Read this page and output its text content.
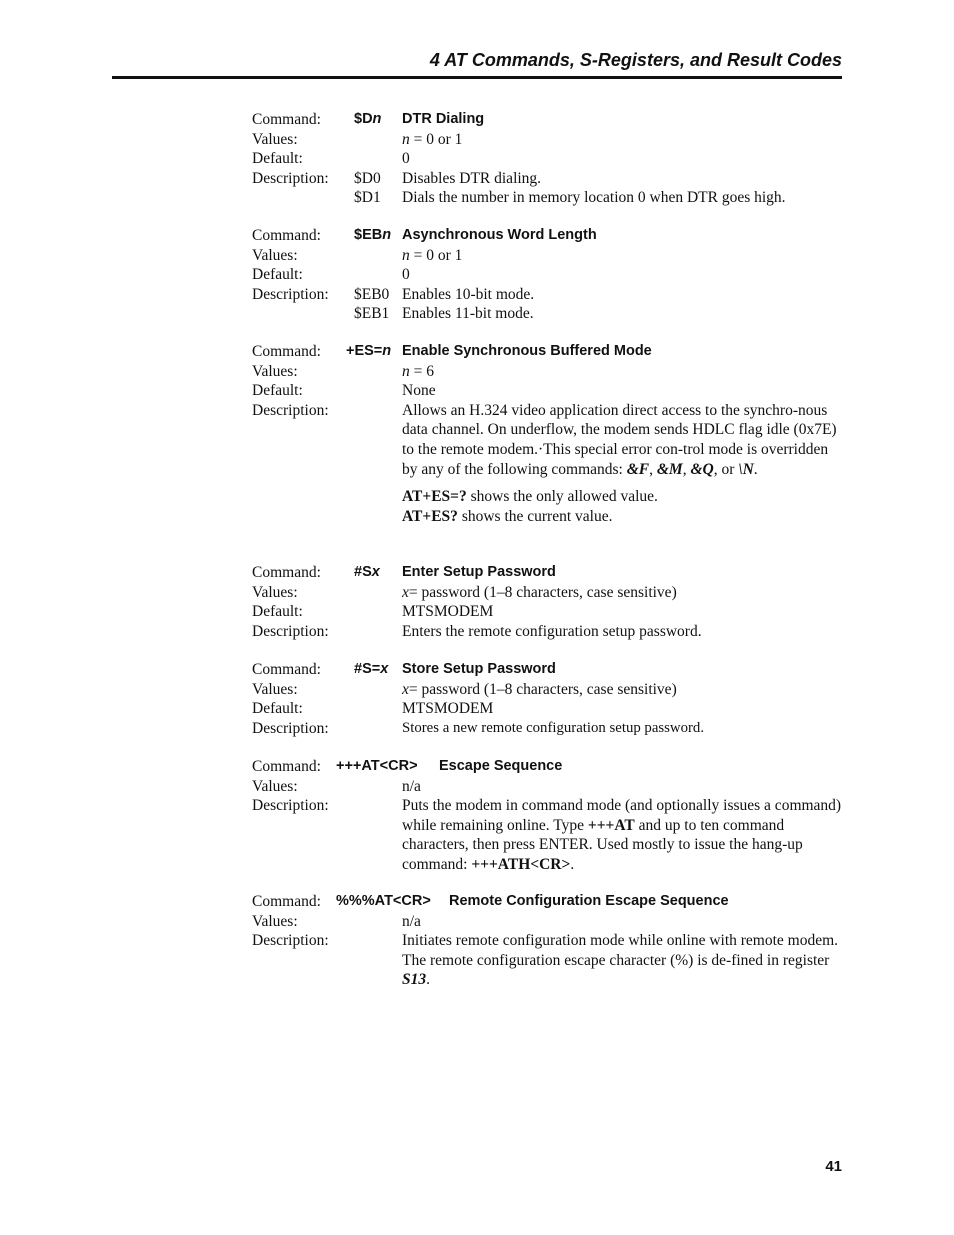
4 AT Commands, S-Registers, and Result Codes
Command: $Dn DTR Dialing
Values:	n = 0 or 1
Default:	0
Description: $D0 Disables DTR dialing.
$D1 Dials the number in memory location 0 when DTR goes high.
Command: $EBn Asynchronous Word Length
Values:	n = 0 or 1
Default:	0
Description: $EB0 Enables 10-bit mode.
$EB1 Enables 11-bit mode.
Command: +ES=n Enable Synchronous Buffered Mode
Values:	n = 6
Default:	None
Description:	Allows an H.324 video application direct access to the synchro-nous data channel. On underflow, the modem sends HDLC flag idle (0x7E) to the remote modem.·This special error con-trol mode is overridden by any of the following commands: &F, &M, &Q, or \N.
AT+ES=? shows the only allowed value.
AT+ES? shows the current value.
Command: #Sx Enter Setup Password
Values:	x= password (1–8 characters, case sensitive)
Default:	MTSMODEM
Description:	Enters the remote configuration setup password.
Command: #S=x Store Setup Password
Values:	x= password (1–8 characters, case sensitive)
Default:	MTSMODEM
Description:	Stores a new remote configuration setup password.
Command: +++AT<CR> Escape Sequence
Values:	n/a
Description:	Puts the modem in command mode (and optionally issues a command) while remaining online. Type +++AT and up to ten command characters, then press ENTER. Used mostly to issue the hang-up command: +++ATH<CR>.
Command: %%%AT<CR> Remote Configuration Escape Sequence
Values:	n/a
Description:	Initiates remote configuration mode while online with remote modem. The remote configuration escape character (%) is de-fined in register S13.
41
